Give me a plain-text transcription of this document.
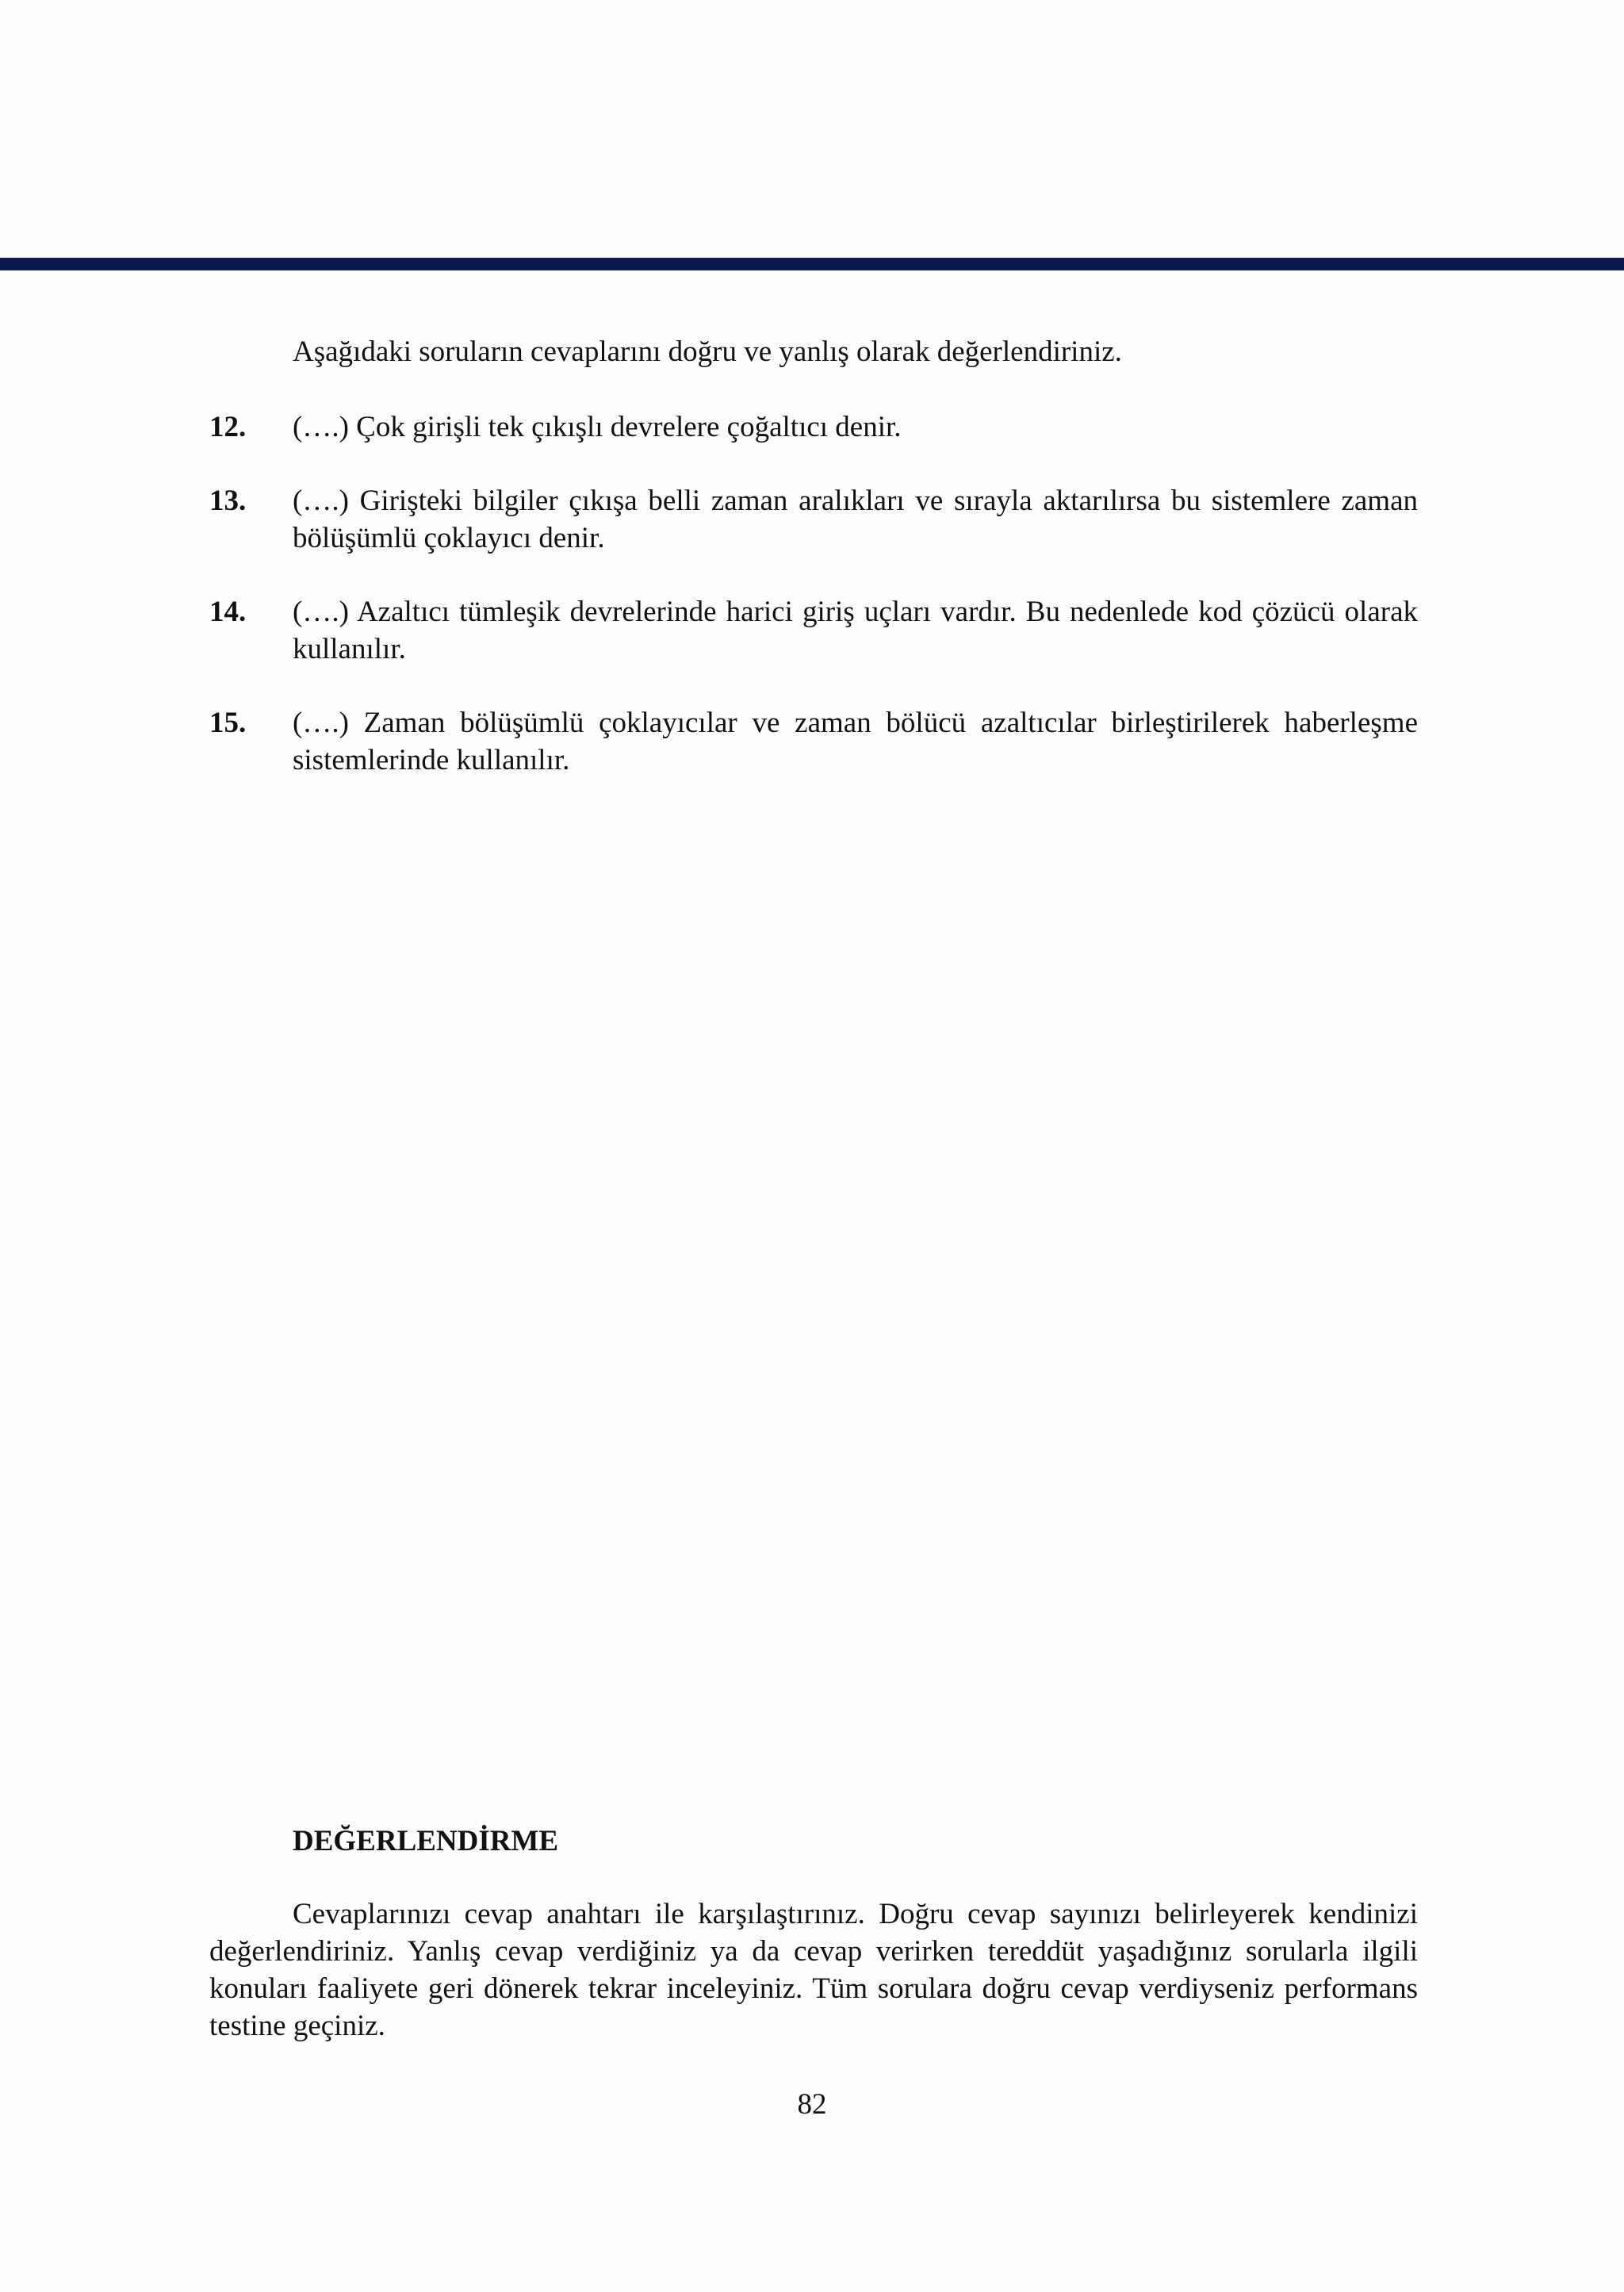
Aşağıdaki soruların cevaplarını doğru ve yanlış olarak değerlendiriniz.
12. (….) Çok girişli tek çıkışlı devrelere çoğaltıcı denir.
13. (….) Girişteki bilgiler çıkışa belli zaman aralıkları ve sırayla aktarılırsa bu sistemlere zaman bölüşümlü çoklayıcı denir.
14. (….) Azaltıcı tümleşik devrelerinde harici giriş uçları vardır. Bu nedenlede kod çözücü olarak kullanılır.
15. (….) Zaman bölüşümlü çoklayıcılar ve zaman bölücü azaltıcılar birleştirilerek haberleşme sistemlerinde kullanılır.
DEĞERLENDİRME
Cevaplarınızı cevap anahtarı ile karşılaştırınız. Doğru cevap sayınızı belirleyerek kendinizi değerlendiriniz. Yanlış cevap verdiğiniz ya da cevap verirken tereddüt yaşadığınız sorularla ilgili konuları faaliyete geri dönerek tekrar inceleyiniz. Tüm sorulara doğru cevap verdiyseniz performans testine geçiniz.
82
